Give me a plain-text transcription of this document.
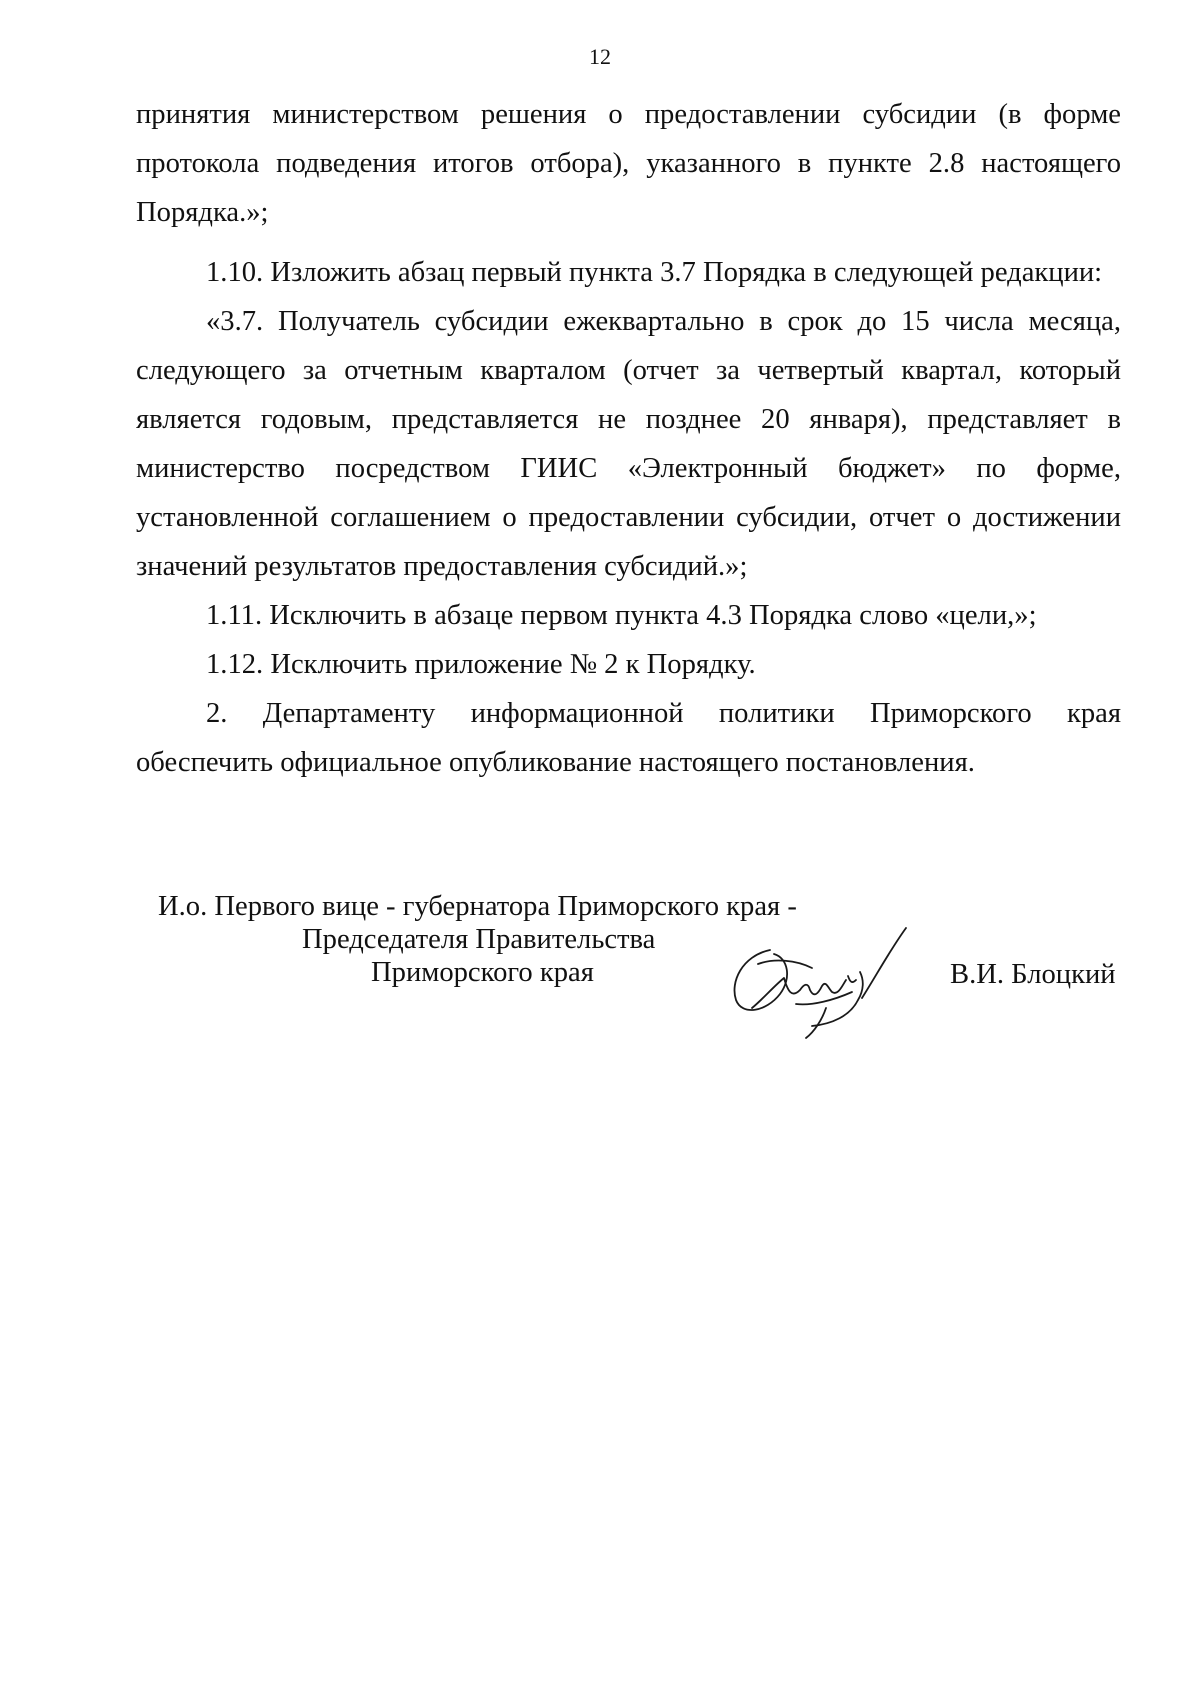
12

принятия министерством решения о предоставлении субсидии (в форме протокола подведения итогов отбора), указанного в пункте 2.8 настоящего Порядка.»;

1.10. Изложить абзац первый пункта 3.7 Порядка в следующей редакции:

«3.7. Получатель субсидии ежеквартально в срок до 15 числа месяца, следующего за отчетным кварталом (отчет за четвертый квартал, который является годовым, представляется не позднее 20 января), представляет в министерство посредством ГИИС «Электронный бюджет» по форме, установленной соглашением о предоставлении субсидии, отчет о достижении значений результатов предоставления субсидий.»;

1.11. Исключить в абзаце первом пункта 4.3 Порядка слово «цели,»;

1.12. Исключить приложение № 2 к Порядку.

2. Департаменту информационной политики Приморского края обеспечить официальное опубликование настоящего постановления.

И.о. Первого вице - губернатора Приморского края -
Председателя Правительства
Приморского края	В.И. Блоцкий
